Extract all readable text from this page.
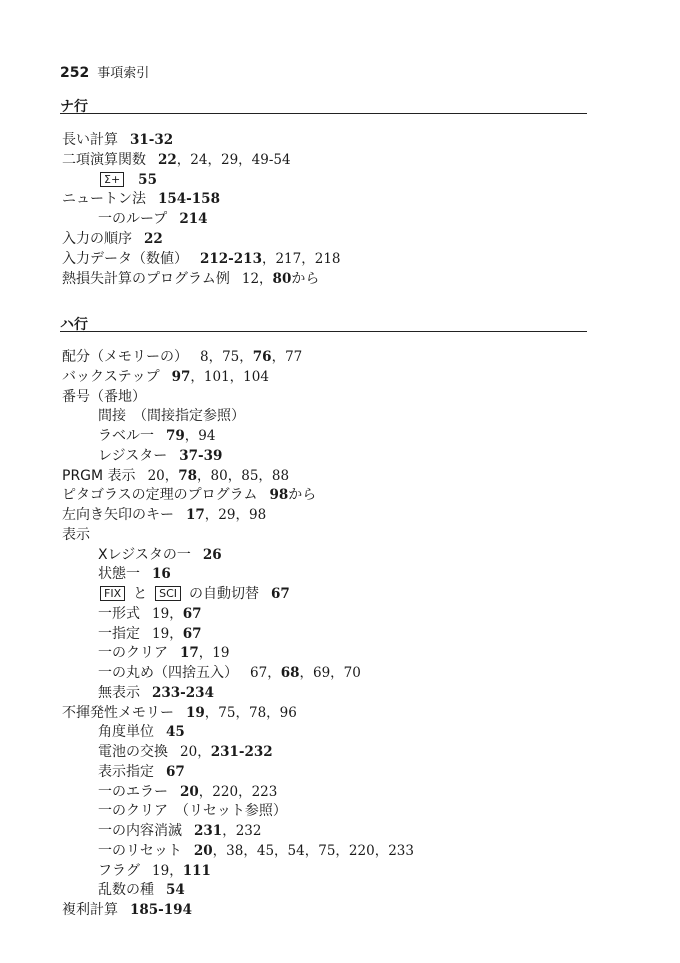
252 事項索引
ナ行
長い計算 31-32
二項演算関数 22，24，29，49-54
Σ+ 55
ニュートン法 154-158
一のループ 214
入力の順序 22
入力データ（数値） 212-213，217，218
熱損失計算のプログラム例 12，80から
ハ行
配分（メモリーの） 8，75，76，77
バックステップ 97，101，104
番号（番地）
間接　（間接指定参照）
ラベル一 79，94
レジスター 37-39
PRGM 表示 20，78，80，85，88
ピタゴラスの定理のプログラム 98から
左向き矢印のキー 17，29，98
表示
Xレジスタの一 26
状態一 16
FIX と SCI の自動切替 67
一形式 19，67
一指定 19，67
一のクリア 17，19
一の丸め（四捨五入） 67，68，69，70
無表示 233-234
不揮発性メモリー 19，75，78，96
角度単位 45
電池の交換 20，231-232
表示指定 67
一のエラー 20，220，223
一のクリア　（リセット参照）
一の内容消滅 231，232
一のリセット 20，38，45，54，75，220，233
フラグ 19，111
乱数の種 54
複利計算 185-194
